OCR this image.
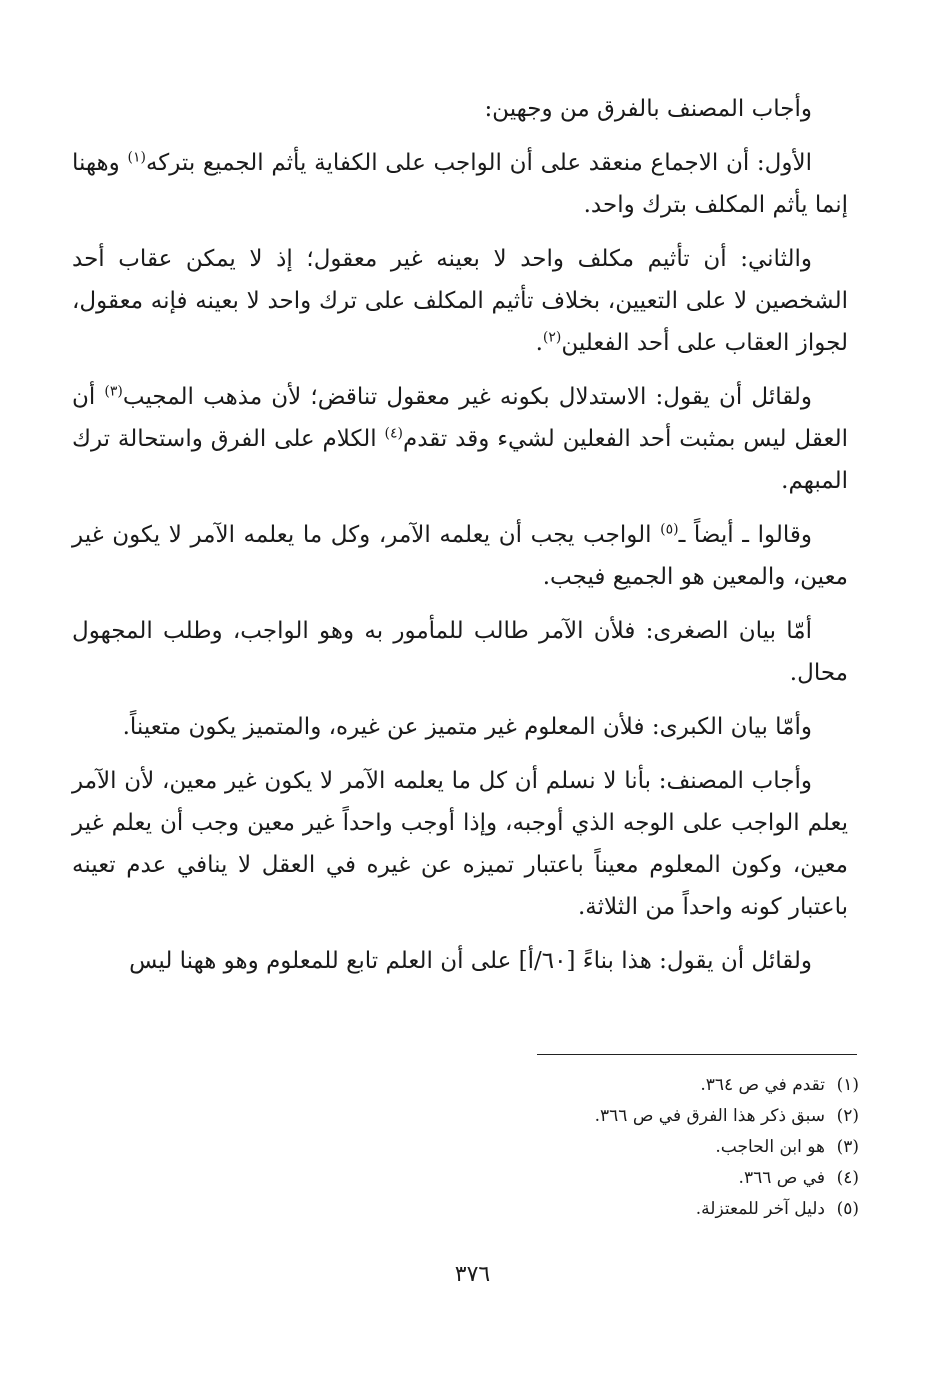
وأجاب المصنف بالفرق من وجهين:

الأول: أن الاجماع منعقد على أن الواجب على الكفاية يأثم الجميع بتركه$^{(١)}$ وههنا إنما يأثم المكلف بترك واحد.

والثاني: أن تأثيم مكلف واحد لا بعينه غير معقول؛ إذ لا يمكن عقاب أحد الشخصين لا على التعيين، بخلاف تأثيم المكلف على ترك واحد لا بعينه فإنه معقول، لجواز العقاب على أحد الفعلين$^{(٢)}$.

ولقائل أن يقول: الاستدلال بكونه غير معقول تناقض؛ لأن مذهب المجيب$^{(٣)}$ أن العقل ليس بمثبت أحد الفعلين لشيء وقد تقدم$^{(٤)}$ الكلام على الفرق واستحالة ترك المبهم.

وقالوا ـ أيضاً ـ$^{(٥)}$ الواجب يجب أن يعلمه الآمر، وكل ما يعلمه الآمر لا يكون غير معين، والمعين هو الجميع فيجب.

أمّا بيان الصغرى: فلأن الآمر طالب للمأمور به وهو الواجب، وطلب المجهول محال.

وأمّا بيان الكبرى: فلأن المعلوم غير متميز عن غيره، والمتميز يكون متعيناً.

وأجاب المصنف: بأنا لا نسلم أن كل ما يعلمه الآمر لا يكون غير معين، لأن الآمر يعلم الواجب على الوجه الذي أوجبه، وإذا أوجب واحداً غير معين وجب أن يعلم غير معين، وكون المعلوم معيناً باعتبار تميزه عن غيره في العقل لا ينافي عدم تعينه باعتبار كونه واحداً من الثلاثة.

ولقائل أن يقول: هذا بناءً [٦٠/أ] على أن العلم تابع للمعلوم وهو ههنا ليس

(١)تقدم في ص ٣٦٤.
(٢)سبق ذكر هذا الفرق في ص ٣٦٦.
(٣)هو ابن الحاجب.
(٤)في ص ٣٦٦.
(٥)دليل آخر للمعتزلة.
٣٧٦
